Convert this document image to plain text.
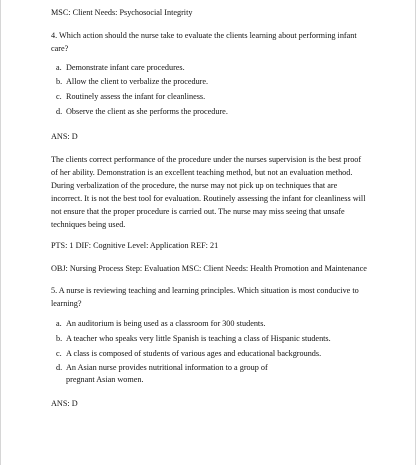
MSC: Client Needs: Psychosocial Integrity

4. Which action should the nurse take to evaluate the clients learning about performing infant care?

a. Demonstrate infant care procedures.
b. Allow the client to verbalize the procedure.
c. Routinely assess the infant for cleanliness.
d. Observe the client as she performs the procedure.

ANS: D

The clients correct performance of the procedure under the nurses supervision is the best proof of her ability. Demonstration is an excellent teaching method, but not an evaluation method. During verbalization of the procedure, the nurse may not pick up on techniques that are incorrect. It is not the best tool for evaluation. Routinely assessing the infant for cleanliness will not ensure that the proper procedure is carried out. The nurse may miss seeing that unsafe techniques being used.

PTS: 1 DIF: Cognitive Level: Application REF: 21

OBJ: Nursing Process Step: Evaluation MSC: Client Needs: Health Promotion and Maintenance

5. A nurse is reviewing teaching and learning principles. Which situation is most conducive to learning?

a. An auditorium is being used as a classroom for 300 students.
b. A teacher who speaks very little Spanish is teaching a class of Hispanic students.
c. A class is composed of students of various ages and educational backgrounds.
d. An Asian nurse provides nutritional information to a group of pregnant Asian women.

ANS: D
